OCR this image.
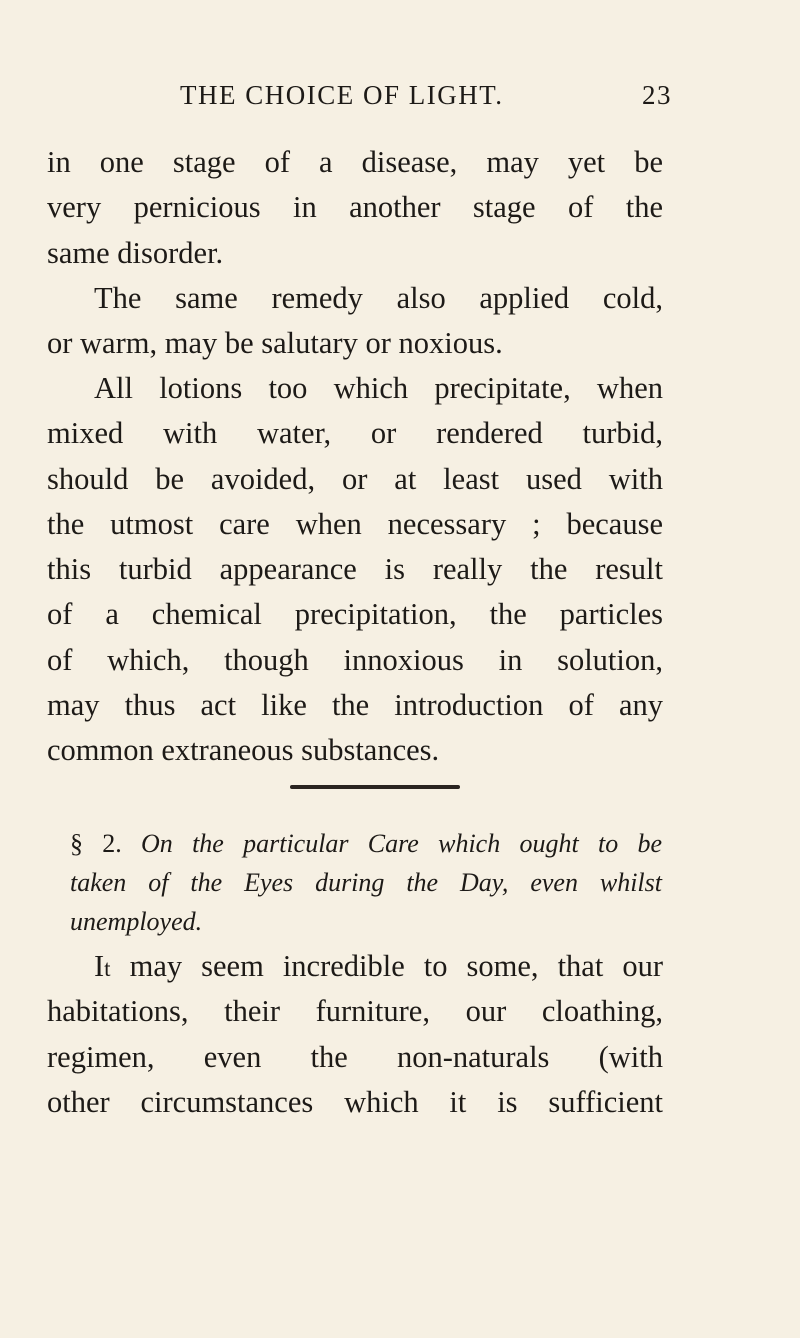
THE CHOICE OF LIGHT.	23
in one stage of a disease, may yet be
very pernicious in another stage of the
same disorder.
The same remedy also applied cold,
or warm, may be salutary or noxious.
All lotions too which precipitate, when
mixed with water, or rendered turbid,
should be avoided, or at least used with
the utmost care when necessary ; because
this turbid appearance is really the result
of a chemical precipitation, the particles
of which, though innoxious in solution,
may thus act like the introduction of any
common extraneous substances.
§ 2. On the particular Care which ought to be
taken of the Eyes during the Day, even whilst
unemployed.
It may seem incredible to some, that our
habitations, their furniture, our cloathing,
regimen, even the non-naturals (with
other circumstances which it is sufficient
